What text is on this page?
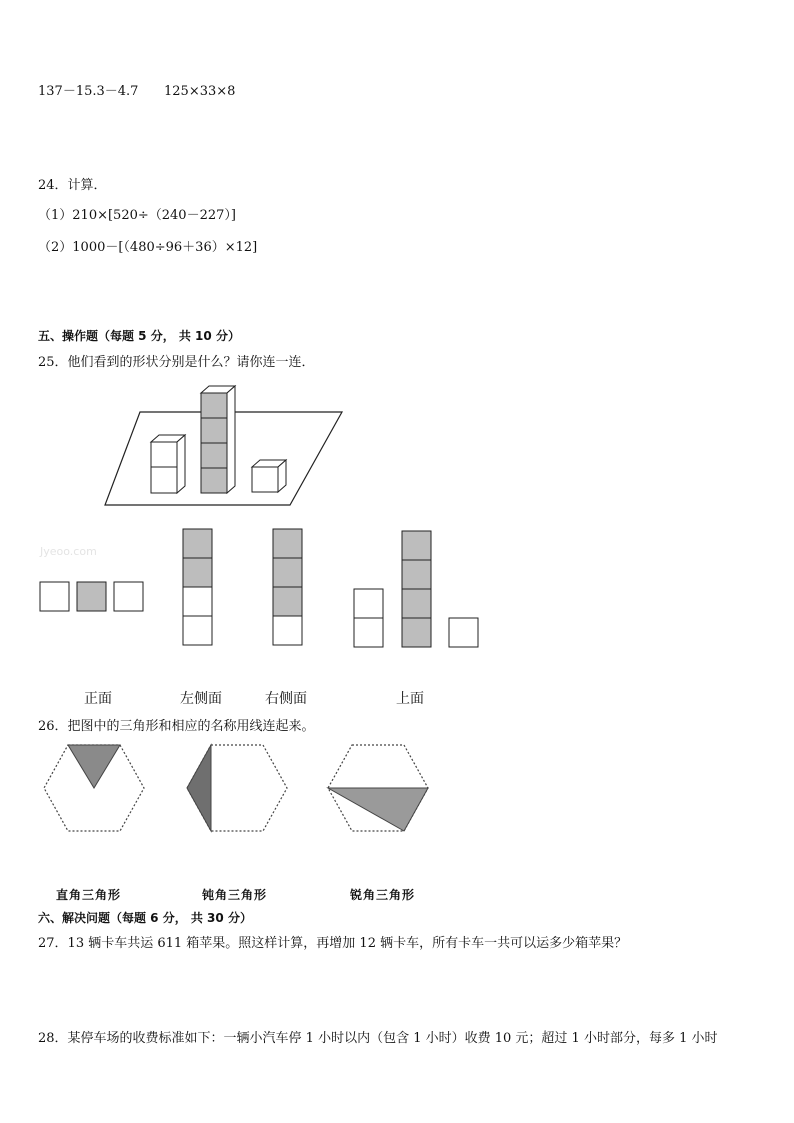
137－15.3－4.7 125×33×8
24．计算．
（1）210×[520÷（240－227）]
（2）1000－[（480÷96＋36）×12]
五、操作题（每题 5 分， 共 10 分）
25．他们看到的形状分别是什么？请你连一连．
Jyeoo.com
正面	左侧面	右侧面	上面
26．把图中的三角形和相应的名称用线连起来。
直角三角形	钝角三角形	锐角三角形
六、解决问题（每题 6 分， 共 30 分）
27．13 辆卡车共运 611 箱苹果。照这样计算，再增加 12 辆卡车，所有卡车一共可以运多少箱苹果？
28．某停车场的收费标准如下：一辆小汽车停 1 小时以内（包含 1 小时）收费 10 元；超过 1 小时部分，每多 1 小时
